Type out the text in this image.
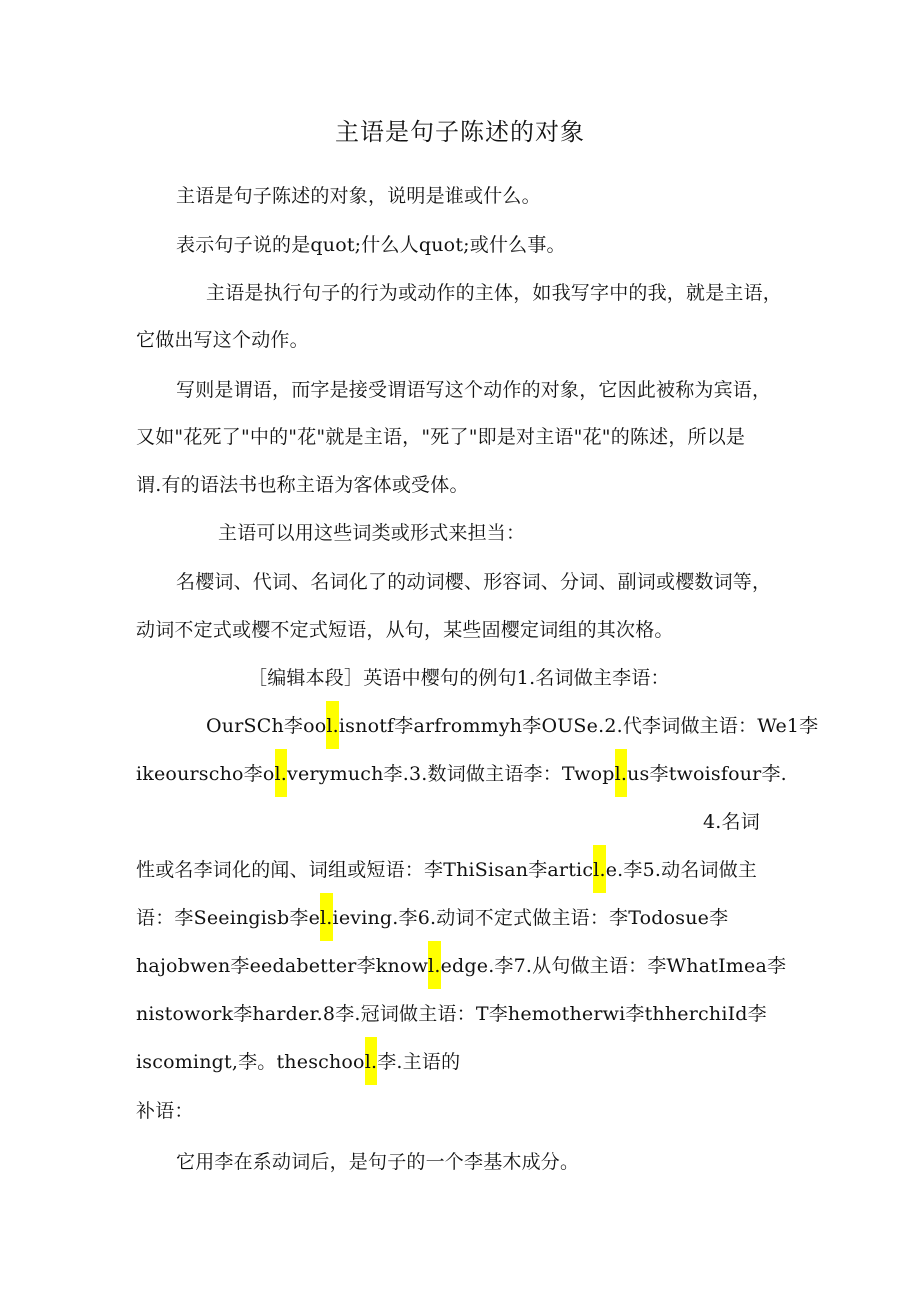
主语是句子陈述的对象
主语是句子陈述的对象，说明是谁或什么。
表示句子说的是quot;什么人quot;或什么事。
主语是执行句子的行为或动作的主体，如我写字中的我，就是主语，
它做出写这个动作。
写则是谓语，而字是接受谓语写这个动作的对象，它因此被称为宾语，
又如"花死了"中的"花"就是主语，"死了"即是对主语"花"的陈述，所以是
谓.有的语法书也称主语为客体或受体。
主语可以用这些词类或形式来担当：
名樱词、代词、名词化了的动词樱、形容词、分词、副词或樱数词等，
动词不定式或樱不定式短语，从句，某些固樱定词组的其次格。
［编辑本段］英语中樱句的例句1.名词做主李语：
OurSCh李ool.isnotf李arfrommyh李OUSe.2.代李词做主语：We1李
ikeourscho李ol.verymuch李.3.数词做主语李：Twopl.us李twoisfour李.
4.名词
性或名李词化的闻、词组或短语：李ThiSisan李articl.e.李5.动名词做主
语：李Seeingisb李el.ieving.李6.动词不定式做主语：李Todosue李
hajobwen李eedabetter李knowl.edge.李7.从句做主语：李WhatImea李
nistowork李harder.8李.冠词做主语：T李hemotherwi李thherchiId李
iscomingt,李。theschool.李.主语的
补语：
它用李在系动词后，是句子的一个李基木成分。
